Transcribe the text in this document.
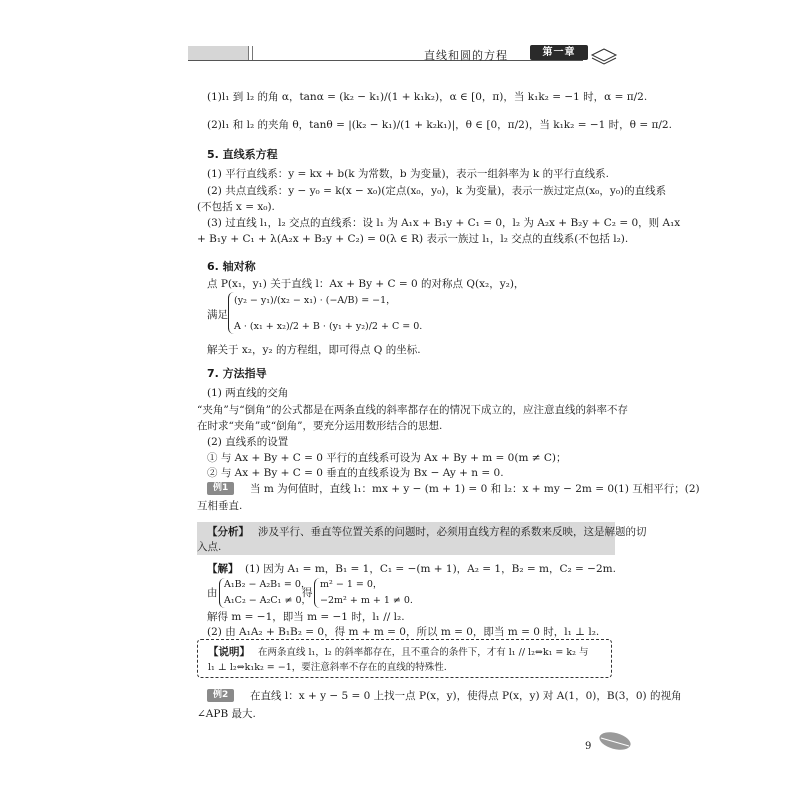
直线和圆的方程	第一章
(1)l₁ 到 l₂ 的角 α，tanα = (k₂ − k₁)/(1 + k₁k₂)，α ∈ [0，π)，当 k₁k₂ = −1 时，α = π/2.
(2)l₁ 和 l₂ 的夹角 θ，tanθ = |(k₂ − k₁)/(1 + k₂k₁)|，θ ∈ [0，π/2)，当 k₁k₂ = −1 时，θ = π/2.
5. 直线系方程
(1) 平行直线系：y = kx + b(k 为常数，b 为变量)，表示一组斜率为 k 的平行直线系.
(2) 共点直线系：y − y₀ = k(x − x₀)(定点(x₀，y₀)，k 为变量)，表示一族过定点(x₀，y₀)的直线系
(不包括 x = x₀).
(3) 过直线 l₁，l₂ 交点的直线系：设 l₁ 为 A₁x + B₁y + C₁ = 0，l₂ 为 A₂x + B₂y + C₂ = 0，则 A₁x
+ B₁y + C₁ + λ(A₂x + B₂y + C₂) = 0(λ ∈ R) 表示一族过 l₁，l₂ 交点的直线系(不包括 l₂).
6. 轴对称
点 P(x₁，y₁) 关于直线 l：Ax + By + C = 0 的对称点 Q(x₂，y₂)，
满足
(y₂ − y₁)/(x₂ − x₁) · (−A/B) = −1，
A · (x₁ + x₂)/2 + B · (y₁ + y₂)/2 + C = 0.
解关于 x₂，y₂ 的方程组，即可得点 Q 的坐标.
7. 方法指导
(1) 两直线的交角
“夹角”与“倒角”的公式都是在两条直线的斜率都存在的情况下成立的，应注意直线的斜率不存
在时求“夹角”或“倒角”，要充分运用数形结合的思想.
(2) 直线系的设置
① 与 Ax + By + C = 0 平行的直线系可设为 Ax + By + m = 0(m ≠ C)；
② 与 Ax + By + C = 0 垂直的直线系设为 Bx − Ay + n = 0.
例1	当 m 为何值时，直线 l₁：mx + y − (m + 1) = 0 和 l₂：x + my − 2m = 0(1) 互相平行；(2)
互相垂直.
【分析】 涉及平行、垂直等位置关系的问题时，必须用直线方程的系数来反映，这是解题的切
入点.
【解】 (1) 因为 A₁ = m，B₁ = 1，C₁ = −(m + 1)，A₂ = 1，B₂ = m，C₂ = −2m.
由
A₁B₂ − A₂B₁ = 0，
A₁C₂ − A₂C₁ ≠ 0，
得
m² − 1 = 0，
−2m² + m + 1 ≠ 0.
解得 m = −1，即当 m = −1 时，l₁ // l₂.
(2) 由 A₁A₂ + B₁B₂ = 0，得 m + m = 0，所以 m = 0，即当 m = 0 时，l₁ ⊥ l₂.
【说明】 在两条直线 l₁，l₂ 的斜率都存在，且不重合的条件下，才有 l₁ // l₂⇔k₁ = k₂ 与
l₁ ⊥ l₂⇔k₁k₂ = −1，要注意斜率不存在的直线的特殊性.
例2	在直线 l：x + y − 5 = 0 上找一点 P(x，y)，使得点 P(x，y) 对 A(1，0)，B(3，0) 的视角
∠APB 最大.
9
